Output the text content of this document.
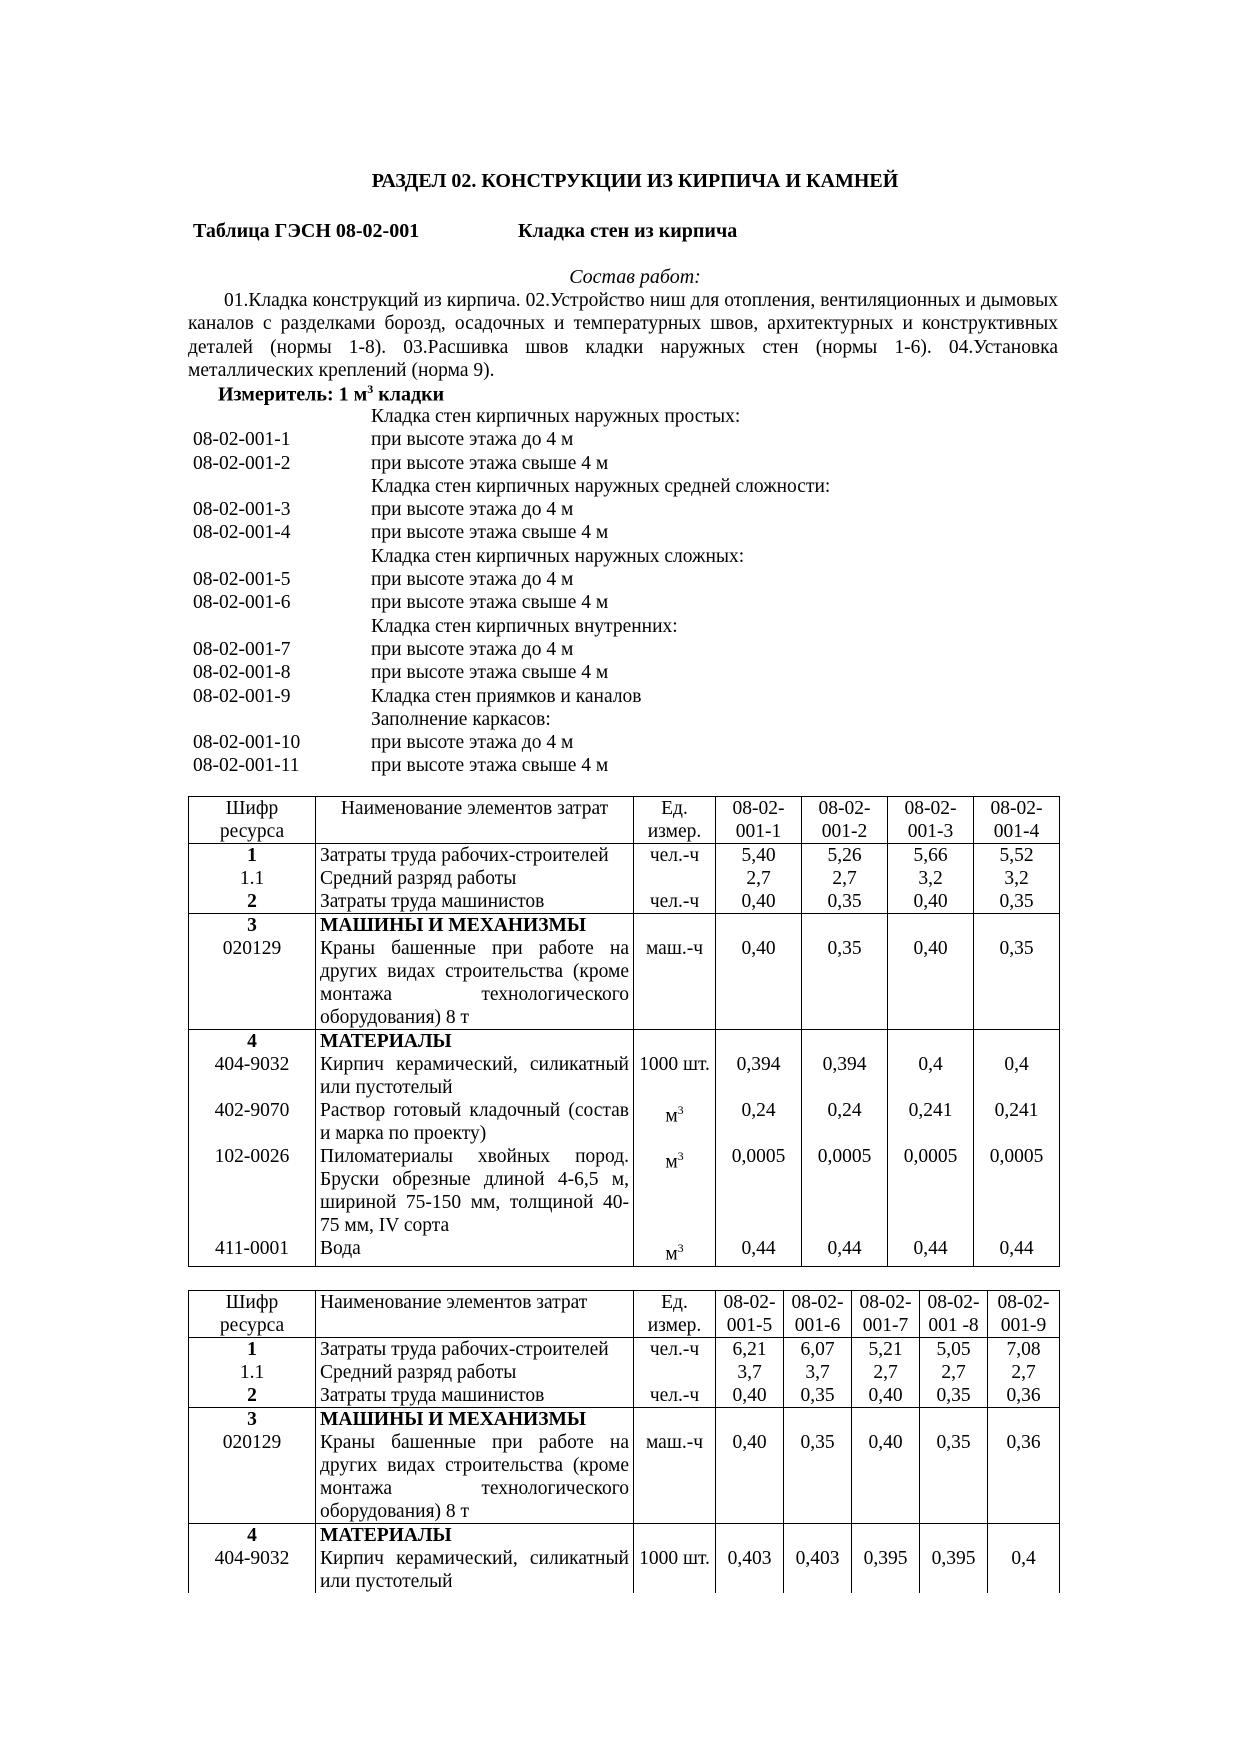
РАЗДЕЛ 02. КОНСТРУКЦИИ ИЗ КИРПИЧА И КАМНЕЙ
Таблица ГЭСН 08-02-001	Кладка стен из кирпича
Состав работ:

01.Кладка конструкций из кирпича. 02.Устройство ниш для отопления, вентиляционных и дымовых каналов с разделками борозд, осадочных и температурных швов, архитектурных и конструктивных деталей (нормы 1-8). 03.Расшивка швов кладки наружных стен (нормы 1-6). 04.Установка металлических креплений (норма 9).

Измеритель: 1 $м^3$ кладки
Кладка стен кирпичных наружных простых:
08-02-001-1	при высоте этажа до 4 м
08-02-001-2	при высоте этажа свыше 4 м
Кладка стен кирпичных наружных средней сложности:
08-02-001-3	при высоте этажа до 4 м
08-02-001-4	при высоте этажа свыше 4 м
Кладка стен кирпичных наружных сложных:
08-02-001-5	при высоте этажа до 4 м
08-02-001-6	при высоте этажа свыше 4 м
Кладка стен кирпичных внутренних:
08-02-001-7	при высоте этажа до 4 м
08-02-001-8	при высоте этажа свыше 4 м
08-02-001-9	Кладка стен приямков и каналов
Заполнение каркасов:
08-02-001-10	при высоте этажа до 4 м
08-02-001-11	при высоте этажа свыше 4 м
Шифр ресурса	Наименование элементов затрат	Ед. измер.	08-02-001-1	08-02-001-2	08-02-001-3	08-02-001-4
1	Затраты труда рабочих-строителей	чел.-ч	5,40	5,26	5,66	5,52
1.1	Средний разряд работы		2,7	2,7	3,2	3,2
2	Затраты труда машинистов	чел.-ч	0,40	0,35	0,40	0,35
3	МАШИНЫ И МЕХАНИЗМЫ					
020129	Краны башенные при работе на других видах строительства (кроме монтажа технологического оборудования) 8 т	маш.-ч	0,40	0,35	0,40	0,35
4	МАТЕРИАЛЫ					
404-9032	Кирпич керамический, силикатный или пустотелый	1000 шт.	0,394	0,394	0,4	0,4
402-9070	Раствор готовый кладочный (состав и марка по проекту)	$м^3$	0,24	0,24	0,241	0,241
102-0026	Пиломатериалы хвойных пород. Бруски обрезные длиной 4-6,5 м, шириной 75-150 мм, толщиной 40-75 мм, IV сорта	$м^3$	0,0005	0,0005	0,0005	0,0005
411-0001	Вода	$м^3$	0,44	0,44	0,44	0,44
Шифр ресурса	Наименование элементов затрат	Ед. измер.	08-02-001-5	08-02-001-6	08-02-001-7	08-02-001 -8	08-02-001-9
1	Затраты труда рабочих-строителей	чел.-ч	6,21	6,07	5,21	5,05	7,08
1.1	Средний разряд работы		3,7	3,7	2,7	2,7	2,7
2	Затраты труда машинистов	чел.-ч	0,40	0,35	0,40	0,35	0,36
3	МАШИНЫ И МЕХАНИЗМЫ						
020129	Краны башенные при работе на других видах строительства (кроме монтажа технологического оборудования) 8 т	маш.-ч	0,40	0,35	0,40	0,35	0,36
4	МАТЕРИАЛЫ						
404-9032	Кирпич керамический, силикатный или пустотелый	1000 шт.	0,403	0,403	0,395	0,395	0,4
